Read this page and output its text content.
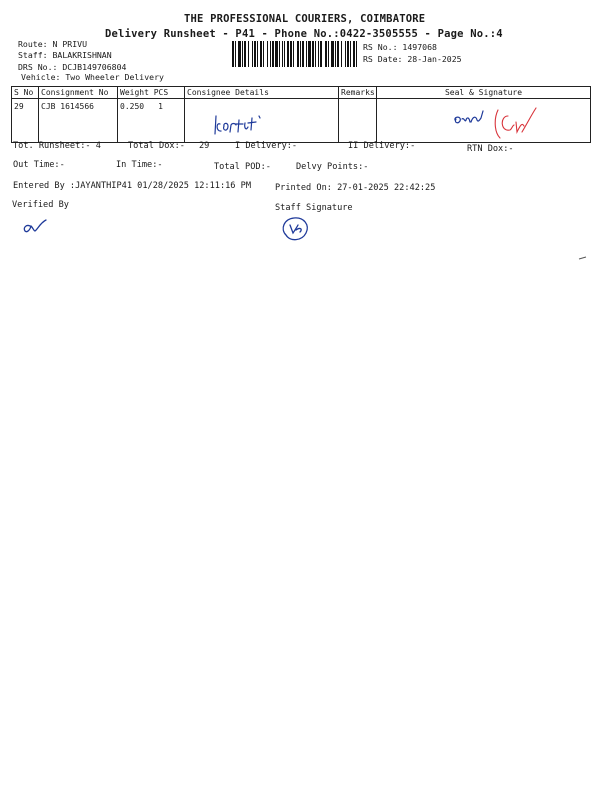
THE PROFESSIONAL COURIERS, COIMBATORE
Delivery Runsheet - P41 - Phone No.:0422-3505555 - Page No.:4
Route: N PRIVU
Staff: BALAKRISHNAN
DRS No.: DCJB149706804
Vehicle: Two Wheeler Delivery
RS No.: 1497068
RS Date: 28-Jan-2025
S No	Consignment No	Weight PCS	Consignee Details	Remarks	Seal & Signature
29	CJB 1614566	0.250 1			
Tot. Runsheet:- 4	Total Dox:- 29	I Delivery:-	II Delivery:-	RTN Dox:-
Out Time:-	In Time:-	Total POD:-	Delvy Points:-
Entered By :JAYANTHIP41 01/28/2025 12:11:16 PM	Printed On: 27-01-2025 22:42:25
Verified By	Staff Signature
